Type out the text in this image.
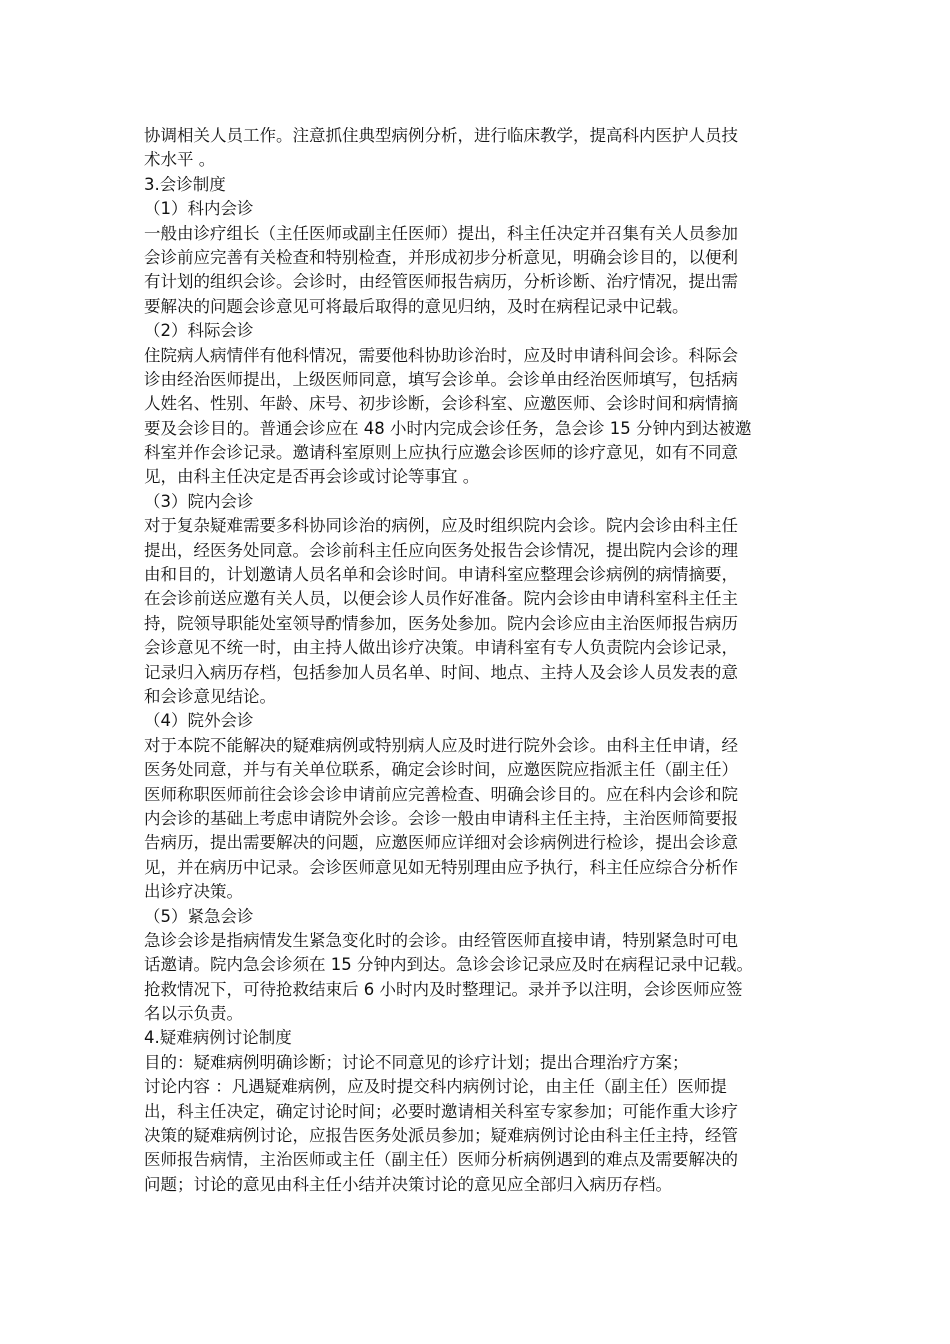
协调相关人员工作。注意抓住典型病例分析，进行临床教学，提高科内医护人员技
术水平 。
3.会诊制度
（1）科内会诊
一般由诊疗组长（主任医师或副主任医师）提出，科主任决定并召集有关人员参加
会诊前应完善有关检查和特别检查，并形成初步分析意见，明确会诊目的，以便利
有计划的组织会诊。会诊时，由经管医师报告病历，分析诊断、治疗情况，提出需
要解决的问题会诊意见可将最后取得的意见归纳，及时在病程记录中记载。
（2）科际会诊
住院病人病情伴有他科情况，需要他科协助诊治时，应及时申请科间会诊。科际会
诊由经治医师提出，上级医师同意，填写会诊单。会诊单由经治医师填写，包括病
人姓名、性别、年龄、床号、初步诊断，会诊科室、应邀医师、会诊时间和病情摘
要及会诊目的。普通会诊应在 48 小时内完成会诊任务，急会诊 15 分钟内到达被邀
科室并作会诊记录。邀请科室原则上应执行应邀会诊医师的诊疗意见，如有不同意
见，由科主任决定是否再会诊或讨论等事宜 。
（3）院内会诊
对于复杂疑难需要多科协同诊治的病例，应及时组织院内会诊。院内会诊由科主任
提出，经医务处同意。会诊前科主任应向医务处报告会诊情况，提出院内会诊的理
由和目的，计划邀请人员名单和会诊时间。申请科室应整理会诊病例的病情摘要，
在会诊前送应邀有关人员，以便会诊人员作好准备。院内会诊由申请科室科主任主
持，院领导职能处室领导酌情参加，医务处参加。院内会诊应由主治医师报告病历
会诊意见不统一时，由主持人做出诊疗决策。申请科室有专人负责院内会诊记录，
记录归入病历存档，包括参加人员名单、时间、地点、主持人及会诊人员发表的意
和会诊意见结论。
（4）院外会诊
对于本院不能解决的疑难病例或特别病人应及时进行院外会诊。由科主任申请，经
医务处同意，并与有关单位联系，确定会诊时间，应邀医院应指派主任（副主任）
医师称职医师前往会诊会诊申请前应完善检查、明确会诊目的。应在科内会诊和院
内会诊的基础上考虑申请院外会诊。会诊一般由申请科主任主持，主治医师简要报
告病历，提出需要解决的问题，应邀医师应详细对会诊病例进行检诊，提出会诊意
见，并在病历中记录。会诊医师意见如无特别理由应予执行，科主任应综合分析作
出诊疗决策。
（5）紧急会诊
急诊会诊是指病情发生紧急变化时的会诊。由经管医师直接申请，特别紧急时可电
话邀请。院内急会诊须在 15 分钟内到达。急诊会诊记录应及时在病程记录中记载。
抢救情况下，可待抢救结束后 6 小时内及时整理记。录并予以注明，会诊医师应签
名以示负责。
4.疑难病例讨论制度
目的：疑难病例明确诊断；讨论不同意见的诊疗计划；提出合理治疗方案；
讨论内容 ：凡遇疑难病例，应及时提交科内病例讨论，由主任（副主任）医师提
出，科主任决定，确定讨论时间；必要时邀请相关科室专家参加；可能作重大诊疗
决策的疑难病例讨论，应报告医务处派员参加；疑难病例讨论由科主任主持，经管
医师报告病情，主治医师或主任（副主任）医师分析病例遇到的难点及需要解决的
问题；讨论的意见由科主任小结并决策讨论的意见应全部归入病历存档。
